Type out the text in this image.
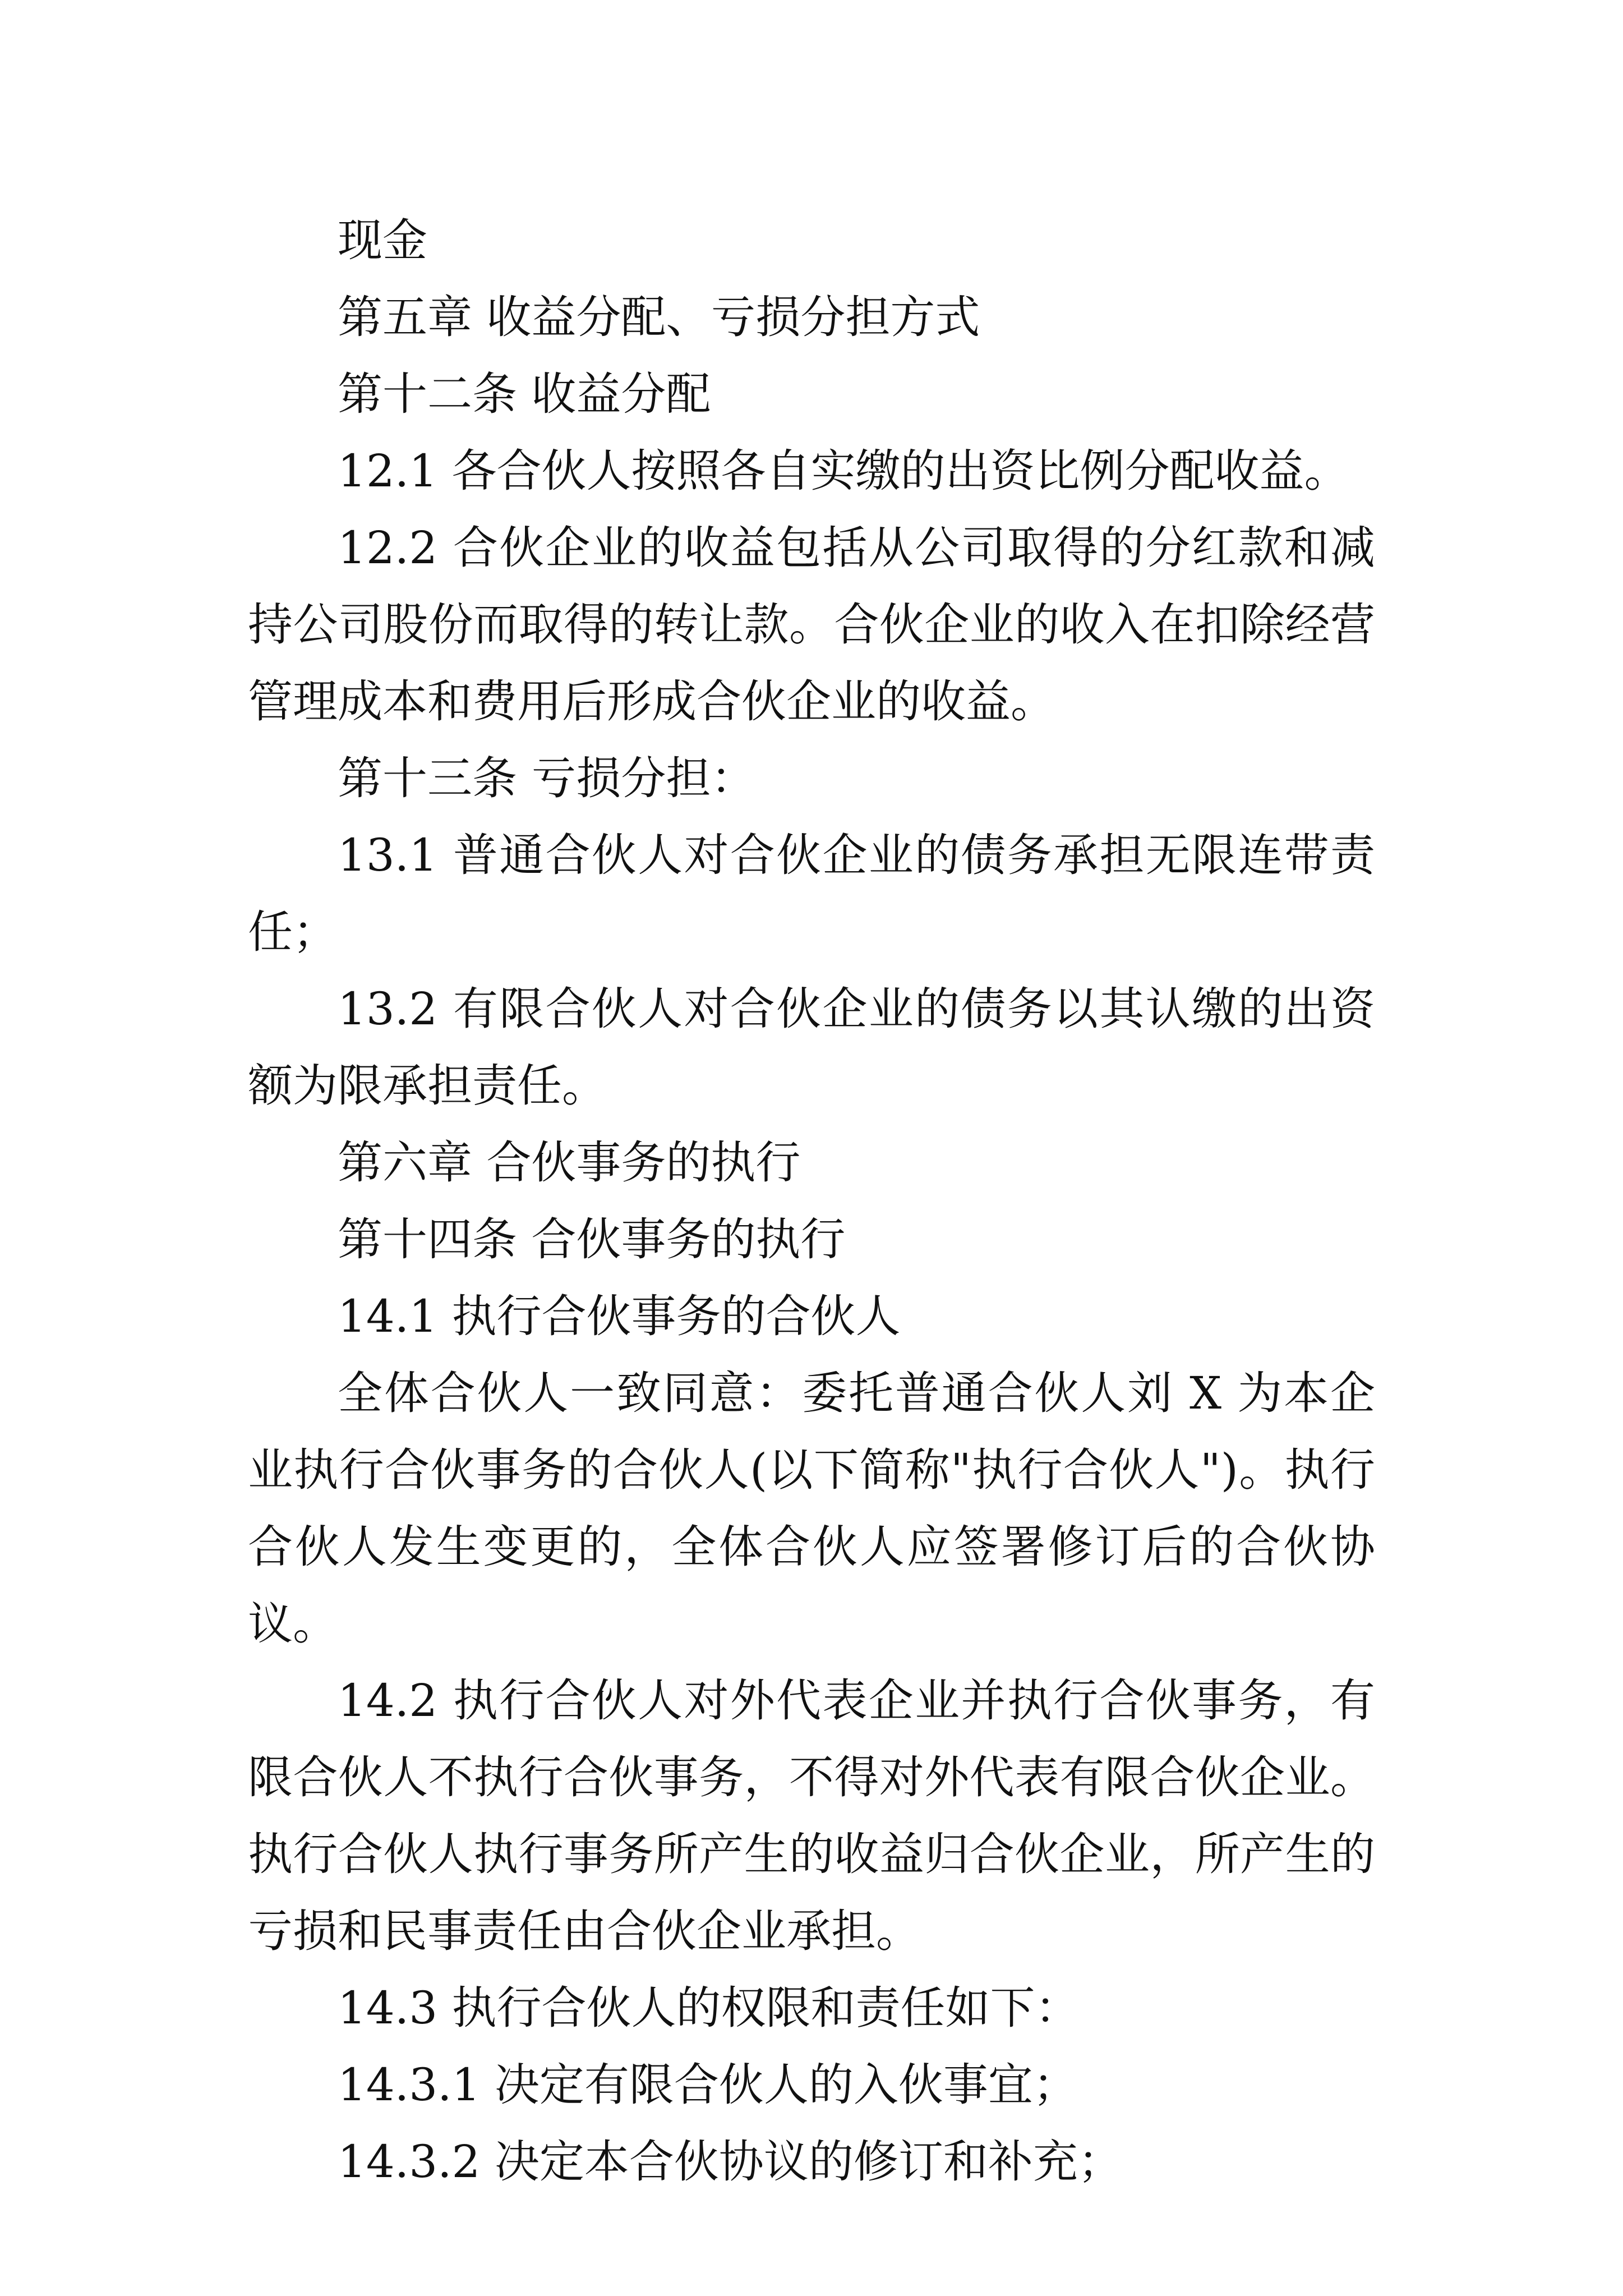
现金

第五章 收益分配、亏损分担方式

第十二条 收益分配

12.1 各合伙人按照各自实缴的出资比例分配收益。

12.2 合伙企业的收益包括从公司取得的分红款和减持公司股份而取得的转让款。合伙企业的收入在扣除经营管理成本和费用后形成合伙企业的收益。

第十三条 亏损分担：

13.1 普通合伙人对合伙企业的债务承担无限连带责任；

13.2 有限合伙人对合伙企业的债务以其认缴的出资额为限承担责任。

第六章 合伙事务的执行

第十四条 合伙事务的执行

14.1 执行合伙事务的合伙人

全体合伙人一致同意：委托普通合伙人刘 X 为本企业执行合伙事务的合伙人(以下简称"执行合伙人")。执行合伙人发生变更的，全体合伙人应签署修订后的合伙协议。

14.2 执行合伙人对外代表企业并执行合伙事务，有限合伙人不执行合伙事务，不得对外代表有限合伙企业。执行合伙人执行事务所产生的收益归合伙企业，所产生的亏损和民事责任由合伙企业承担。

14.3 执行合伙人的权限和责任如下：

14.3.1 决定有限合伙人的入伙事宜；

14.3.2 决定本合伙协议的修订和补充；
